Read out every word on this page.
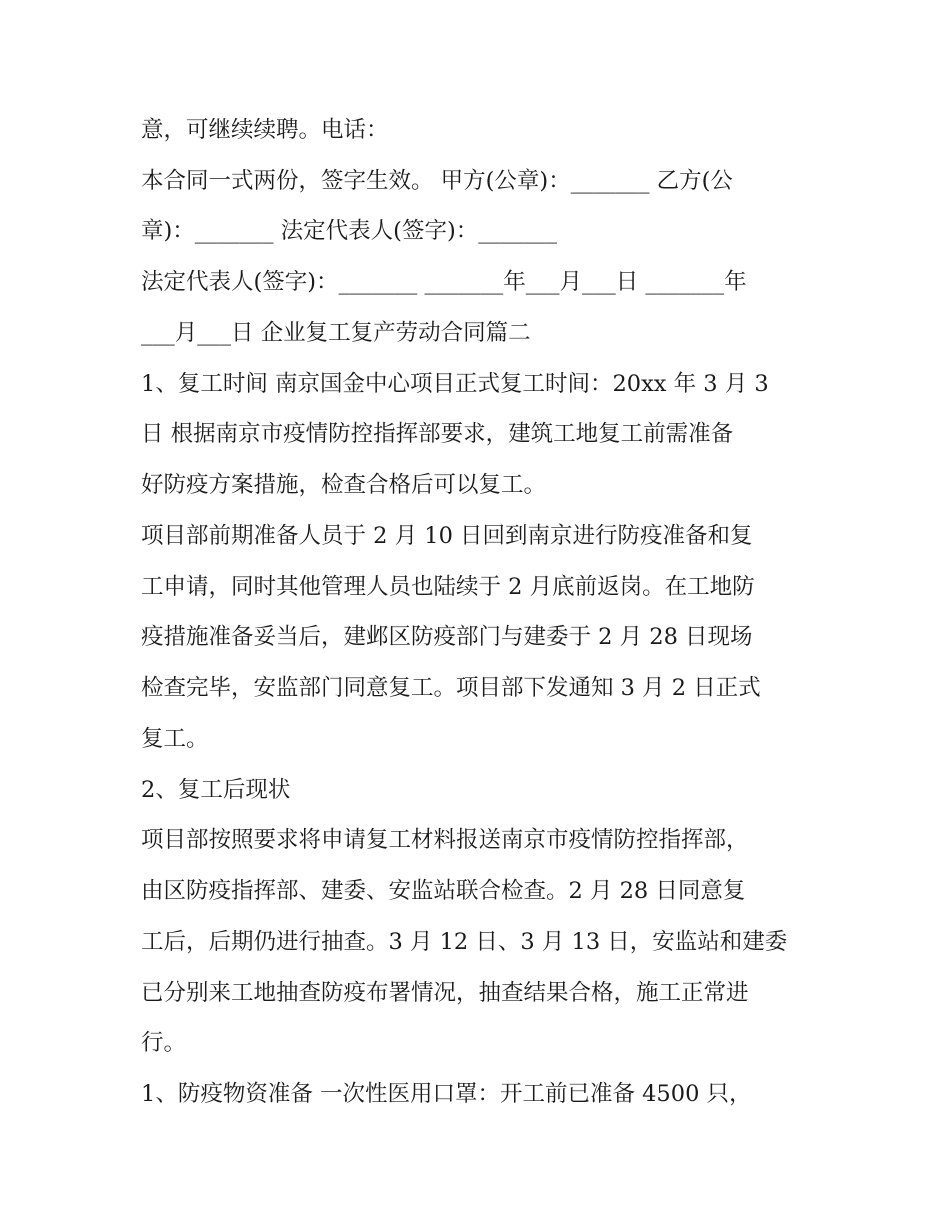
意，可继续续聘。电话：
本合同一式两份，签字生效。 甲方(公章)：_______ 乙方(公
章)：_______ 法定代表人(签字)：_______
法定代表人(签字)：_______ _______年___月___日 _______年
___月___日 企业复工复产劳动合同篇二
1、复工时间 南京国金中心项目正式复工时间：20xx 年 3 月 3
日 根据南京市疫情防控指挥部要求，建筑工地复工前需准备
好防疫方案措施，检查合格后可以复工。
项目部前期准备人员于 2 月 10 日回到南京进行防疫准备和复
工申请，同时其他管理人员也陆续于 2 月底前返岗。在工地防
疫措施准备妥当后，建邺区防疫部门与建委于 2 月 28 日现场
检查完毕，安监部门同意复工。项目部下发通知 3 月 2 日正式
复工。
2、复工后现状
项目部按照要求将申请复工材料报送南京市疫情防控指挥部，
由区防疫指挥部、建委、安监站联合检查。2 月 28 日同意复
工后，后期仍进行抽查。3 月 12 日、3 月 13 日，安监站和建委
已分别来工地抽查防疫布署情况，抽查结果合格，施工正常进
行。
1、防疫物资准备 一次性医用口罩：开工前已准备 4500 只，
